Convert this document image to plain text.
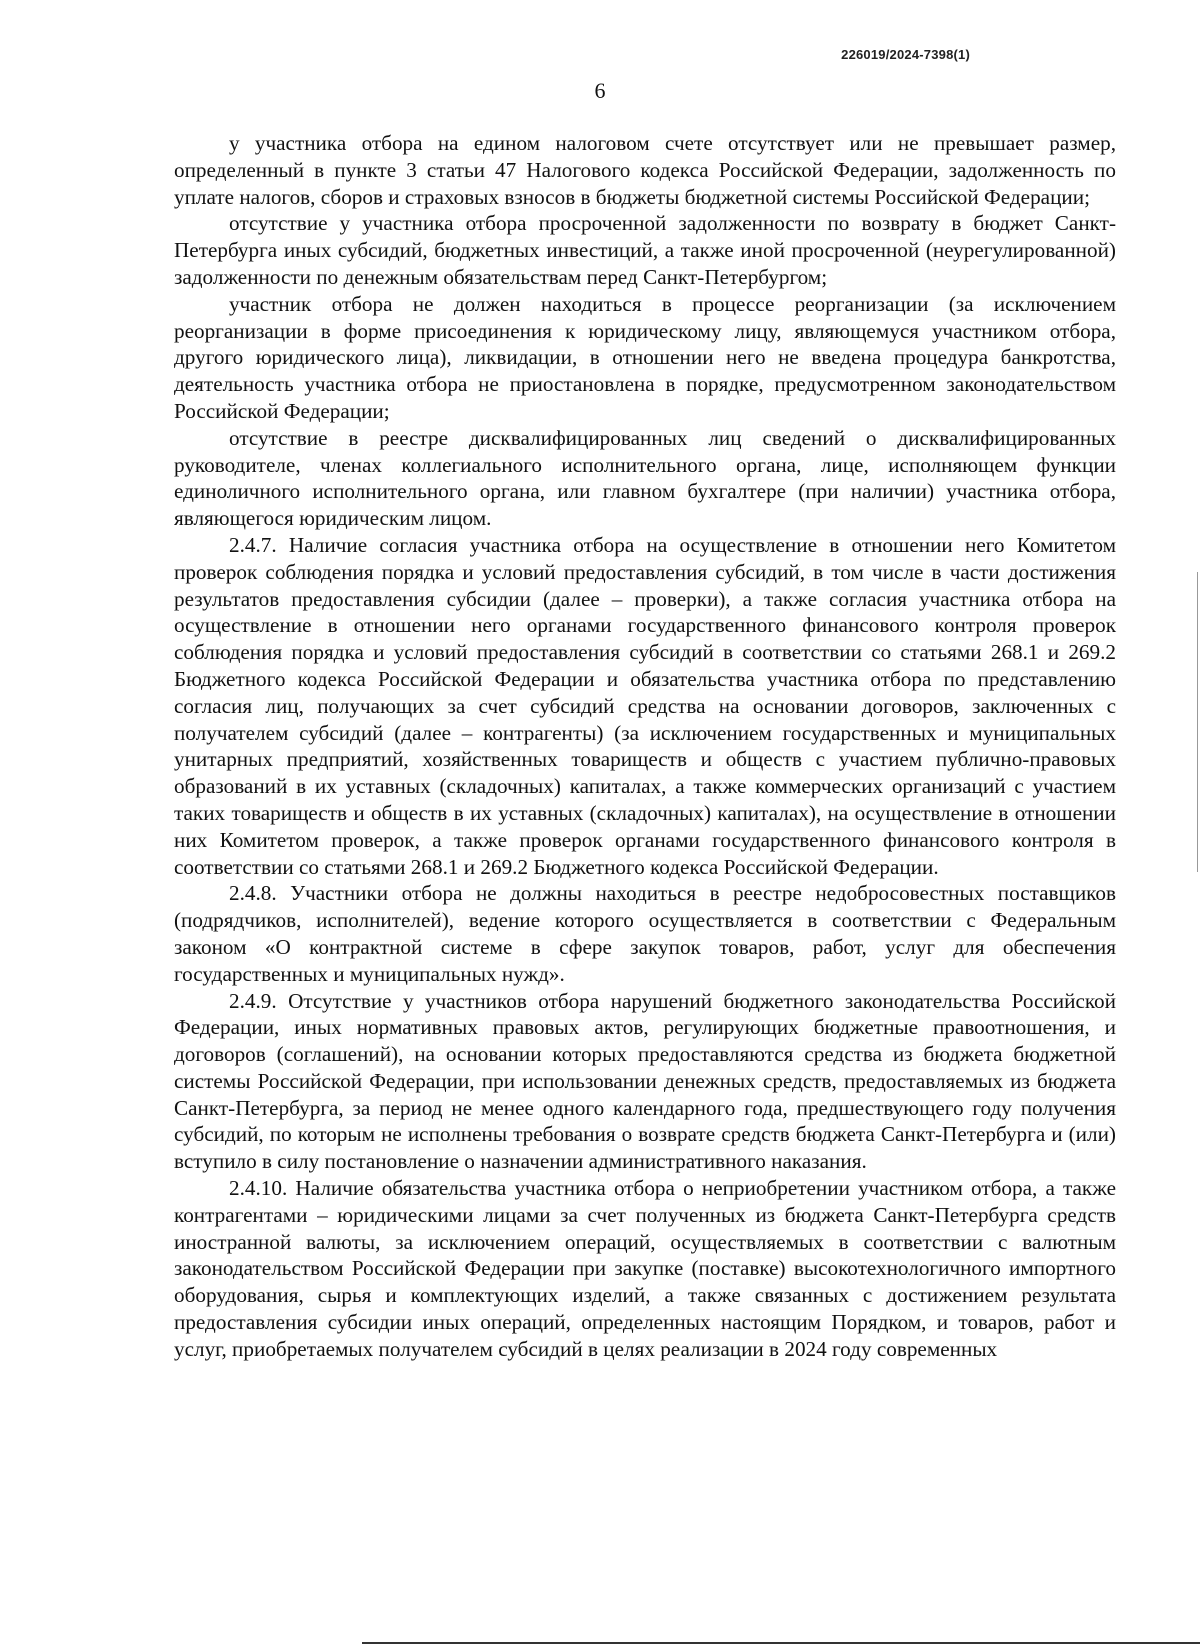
226019/2024-7398(1)
6

у участника отбора на едином налоговом счете отсутствует или не превышает размер, определенный в пункте 3 статьи 47 Налогового кодекса Российской Федерации, задолженность по уплате налогов, сборов и страховых взносов в бюджеты бюджетной системы Российской Федерации;

отсутствие у участника отбора просроченной задолженности по возврату в бюджет Санкт-Петербурга иных субсидий, бюджетных инвестиций, а также иной просроченной (неурегулированной) задолженности по денежным обязательствам перед Санкт-Петербургом;

участник отбора не должен находиться в процессе реорганизации (за исключением реорганизации в форме присоединения к юридическому лицу, являющемуся участником отбора, другого юридического лица), ликвидации, в отношении него не введена процедура банкротства, деятельность участника отбора не приостановлена в порядке, предусмотренном законодательством Российской Федерации;

отсутствие в реестре дисквалифицированных лиц сведений о дисквалифицированных руководителе, членах коллегиального исполнительного органа, лице, исполняющем функции единоличного исполнительного органа, или главном бухгалтере (при наличии) участника отбора, являющегося юридическим лицом.

2.4.7. Наличие согласия участника отбора на осуществление в отношении него Комитетом проверок соблюдения порядка и условий предоставления субсидий, в том числе в части достижения результатов предоставления субсидии (далее – проверки), а также согласия участника отбора на осуществление в отношении него органами государственного финансового контроля проверок соблюдения порядка и условий предоставления субсидий в соответствии со статьями 268.1 и 269.2 Бюджетного кодекса Российской Федерации и обязательства участника отбора по представлению согласия лиц, получающих за счет субсидий средства на основании договоров, заключенных с получателем субсидий (далее – контрагенты) (за исключением государственных и муниципальных унитарных предприятий, хозяйственных товариществ и обществ с участием публично-правовых образований в их уставных (складочных) капиталах, а также коммерческих организаций с участием таких товариществ и обществ в их уставных (складочных) капиталах), на осуществление в отношении них Комитетом проверок, а также проверок органами государственного финансового контроля в соответствии со статьями 268.1 и 269.2 Бюджетного кодекса Российской Федерации.

2.4.8. Участники отбора не должны находиться в реестре недобросовестных поставщиков (подрядчиков, исполнителей), ведение которого осуществляется в соответствии с Федеральным законом «О контрактной системе в сфере закупок товаров, работ, услуг для обеспечения государственных и муниципальных нужд».

2.4.9. Отсутствие у участников отбора нарушений бюджетного законодательства Российской Федерации, иных нормативных правовых актов, регулирующих бюджетные правоотношения, и договоров (соглашений), на основании которых предоставляются средства из бюджета бюджетной системы Российской Федерации, при использовании денежных средств, предоставляемых из бюджета Санкт-Петербурга, за период не менее одного календарного года, предшествующего году получения субсидий, по которым не исполнены требования о возврате средств бюджета Санкт-Петербурга и (или) вступило в силу постановление о назначении административного наказания.

2.4.10. Наличие обязательства участника отбора о неприобретении участником отбора, а также контрагентами – юридическими лицами за счет полученных из бюджета Санкт-Петербурга средств иностранной валюты, за исключением операций, осуществляемых в соответствии с валютным законодательством Российской Федерации при закупке (поставке) высокотехнологичного импортного оборудования, сырья и комплектующих изделий, а также связанных с достижением результата предоставления субсидии иных операций, определенных настоящим Порядком, и товаров, работ и услуг, приобретаемых получателем субсидий в целях реализации в 2024 году современных
